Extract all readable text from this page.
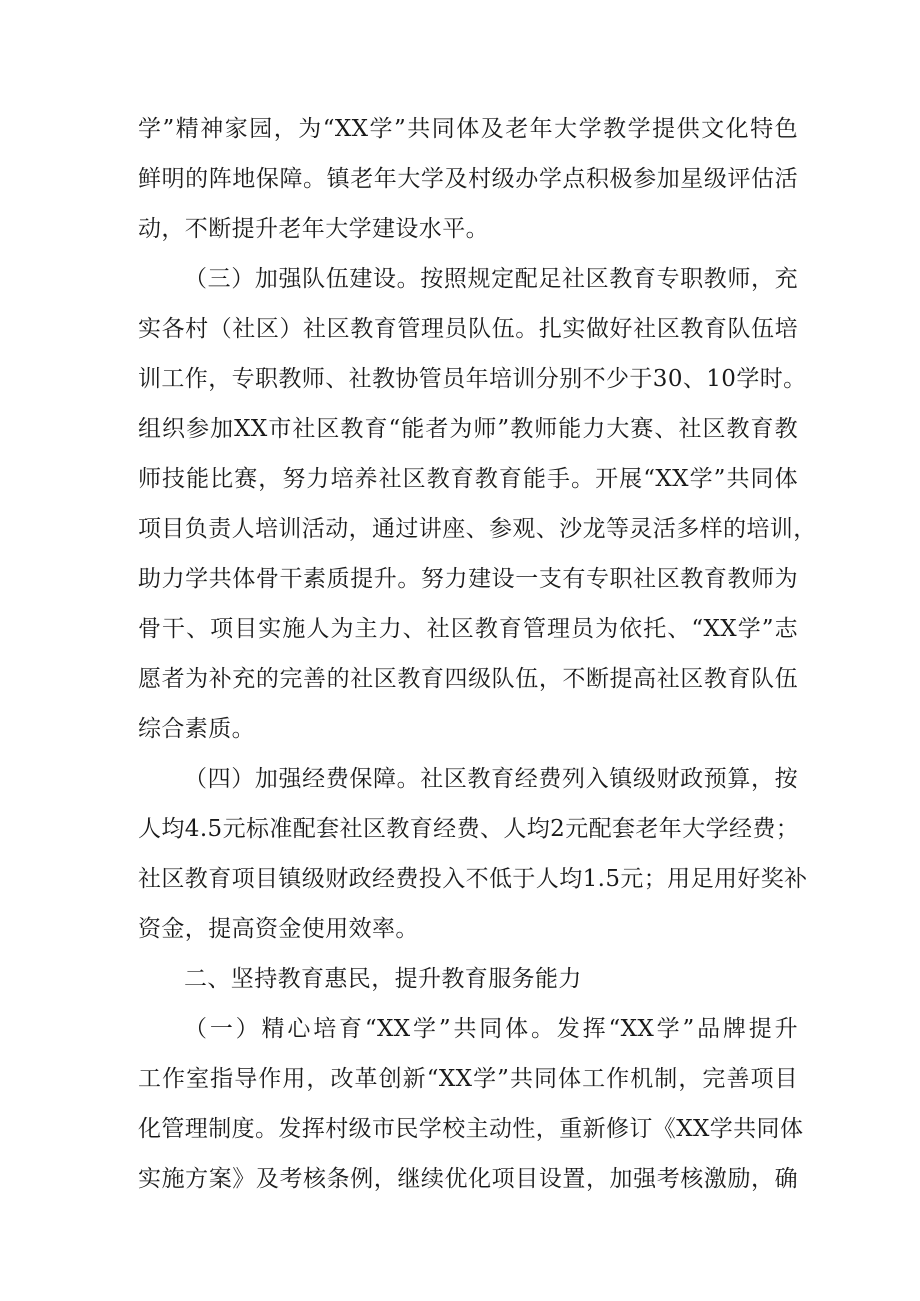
学”精神家园，为“XX学”共同体及老年大学教学提供文化特色
鲜明的阵地保障。镇老年大学及村级办学点积极参加星级评估活
动，不断提升老年大学建设水平。
（三）加强队伍建设。按照规定配足社区教育专职教师，充
实各村（社区）社区教育管理员队伍。扎实做好社区教育队伍培
训工作，专职教师、社教协管员年培训分别不少于30、10学时。
组织参加XX市社区教育“能者为师”教师能力大赛、社区教育教
师技能比赛，努力培养社区教育教育能手。开展“XX学”共同体
项目负责人培训活动，通过讲座、参观、沙龙等灵活多样的培训，
助力学共体骨干素质提升。努力建设一支有专职社区教育教师为
骨干、项目实施人为主力、社区教育管理员为依托、“XX学”志
愿者为补充的完善的社区教育四级队伍，不断提高社区教育队伍
综合素质。
（四）加强经费保障。社区教育经费列入镇级财政预算，按
人均4.5元标准配套社区教育经费、人均2元配套老年大学经费；
社区教育项目镇级财政经费投入不低于人均1.5元；用足用好奖补
资金，提高资金使用效率。
二、坚持教育惠民，提升教育服务能力
（一）精心培育“XX学”共同体。发挥“XX学”品牌提升
工作室指导作用，改革创新“XX学”共同体工作机制，完善项目
化管理制度。发挥村级市民学校主动性，重新修订《XX学共同体
实施方案》及考核条例，继续优化项目设置，加强考核激励，确
